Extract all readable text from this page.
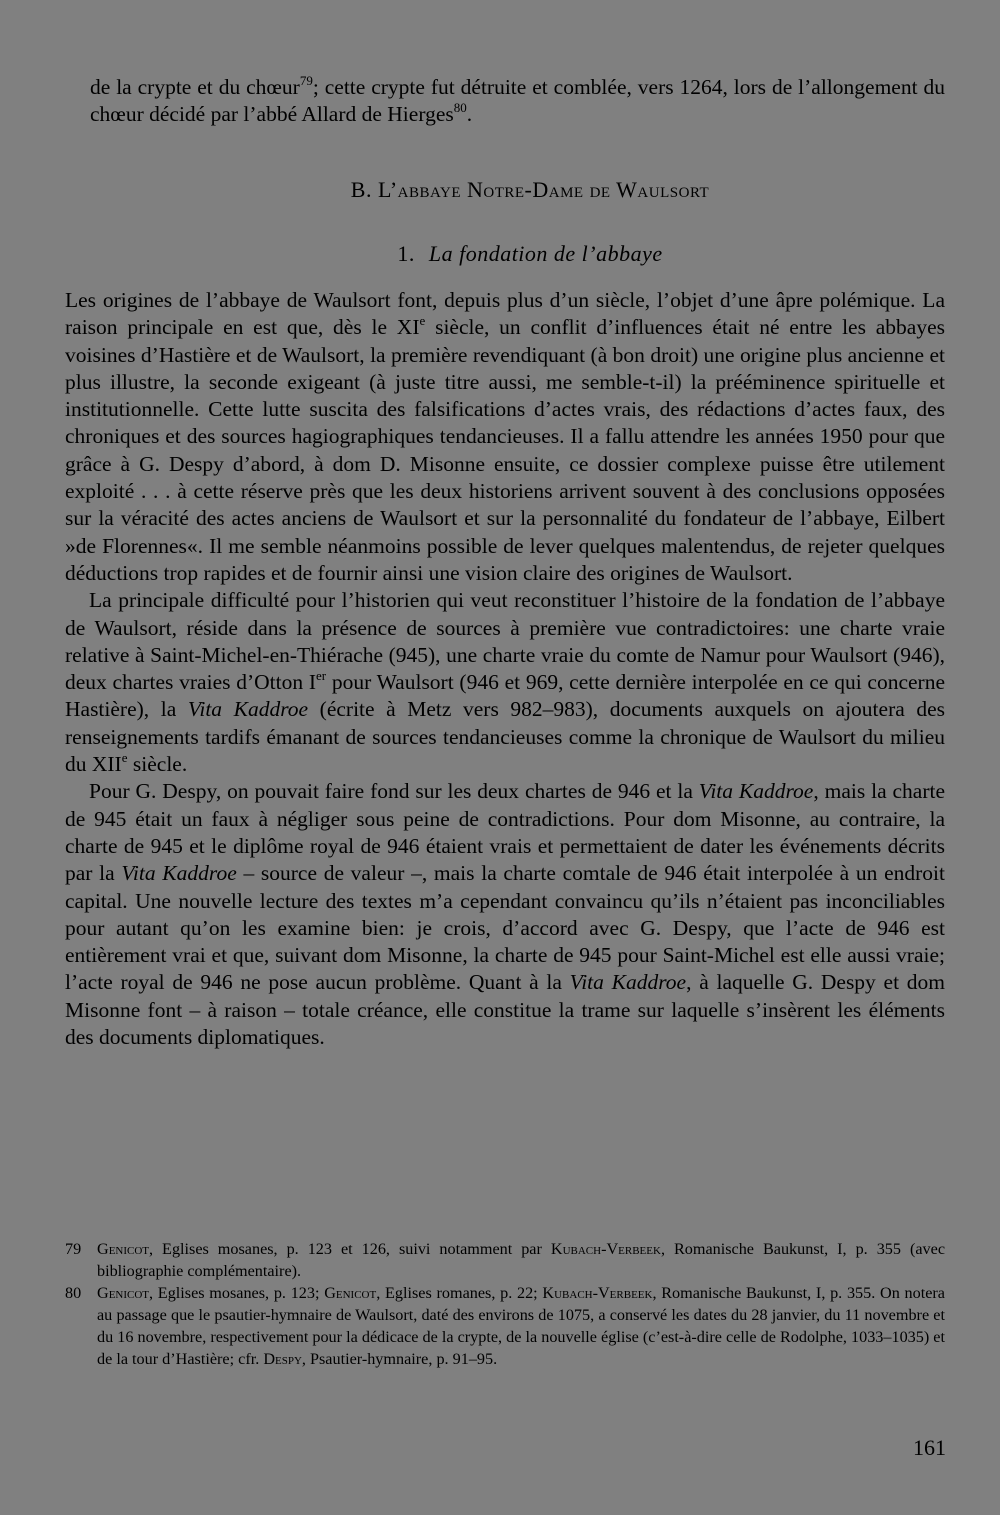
de la crypte et du chœur$^{79}$; cette crypte fut détruite et comblée, vers 1264, lors de l’allongement du chœur décidé par l’abbé Allard de Hierges$^{80}$.

B. L’abbaye Notre-Dame de Waulsort
1. La fondation de l’abbaye

Les origines de l’abbaye de Waulsort font, depuis plus d’un siècle, l’objet d’une âpre polémique. La raison principale en est que, dès le XIe siècle, un conflit d’influences était né entre les abbayes voisines d’Hastière et de Waulsort, la première revendiquant (à bon droit) une origine plus ancienne et plus illustre, la seconde exigeant (à juste titre aussi, me semble-t-il) la prééminence spirituelle et institutionnelle. Cette lutte suscita des falsifications d’actes vrais, des rédactions d’actes faux, des chroniques et des sources hagiographiques tendancieuses. Il a fallu attendre les années 1950 pour que grâce à G. Despy d’abord, à dom D. Misonne ensuite, ce dossier complexe puisse être utilement exploité . . . à cette réserve près que les deux historiens arrivent souvent à des conclusions opposées sur la véracité des actes anciens de Waulsort et sur la personnalité du fondateur de l’abbaye, Eilbert »de Florennes«. Il me semble néanmoins possible de lever quelques malentendus, de rejeter quelques déductions trop rapides et de fournir ainsi une vision claire des origines de Waulsort.

La principale difficulté pour l’historien qui veut reconstituer l’histoire de la fondation de l’abbaye de Waulsort, réside dans la présence de sources à première vue contradictoires: une charte vraie relative à Saint-Michel-en-Thiérache (945), une charte vraie du comte de Namur pour Waulsort (946), deux chartes vraies d’Otton Ier pour Waulsort (946 et 969, cette dernière interpolée en ce qui concerne Hastière), la Vita Kaddroe (écrite à Metz vers 982–983), documents auxquels on ajoutera des renseignements tardifs émanant de sources tendancieuses comme la chronique de Waulsort du milieu du XIIe siècle.

Pour G. Despy, on pouvait faire fond sur les deux chartes de 946 et la Vita Kaddroe, mais la charte de 945 était un faux à négliger sous peine de contradictions. Pour dom Misonne, au contraire, la charte de 945 et le diplôme royal de 946 étaient vrais et permettaient de dater les événements décrits par la Vita Kaddroe – source de valeur –, mais la charte comtale de 946 était interpolée à un endroit capital. Une nouvelle lecture des textes m’a cependant convaincu qu’ils n’étaient pas inconciliables pour autant qu’on les examine bien: je crois, d’accord avec G. Despy, que l’acte de 946 est entièrement vrai et que, suivant dom Misonne, la charte de 945 pour Saint-Michel est elle aussi vraie; l’acte royal de 946 ne pose aucun problème. Quant à la Vita Kaddroe, à laquelle G. Despy et dom Misonne font – à raison – totale créance, elle constitue la trame sur laquelle s’insèrent les éléments des documents diplomatiques.

79 Genicot, Eglises mosanes, p. 123 et 126, suivi notamment par Kubach-Verbeek, Romanische Baukunst, I, p. 355 (avec bibliographie complémentaire).

80 Genicot, Eglises mosanes, p. 123; Genicot, Eglises romanes, p. 22; Kubach-Verbeek, Romanische Baukunst, I, p. 355. On notera au passage que le psautier-hymnaire de Waulsort, daté des environs de 1075, a conservé les dates du 28 janvier, du 11 novembre et du 16 novembre, respectivement pour la dédicace de la crypte, de la nouvelle église (c’est-à-dire celle de Rodolphe, 1033–1035) et de la tour d’Hastière; cfr. Despy, Psautier-hymnaire, p. 91–95.

161
